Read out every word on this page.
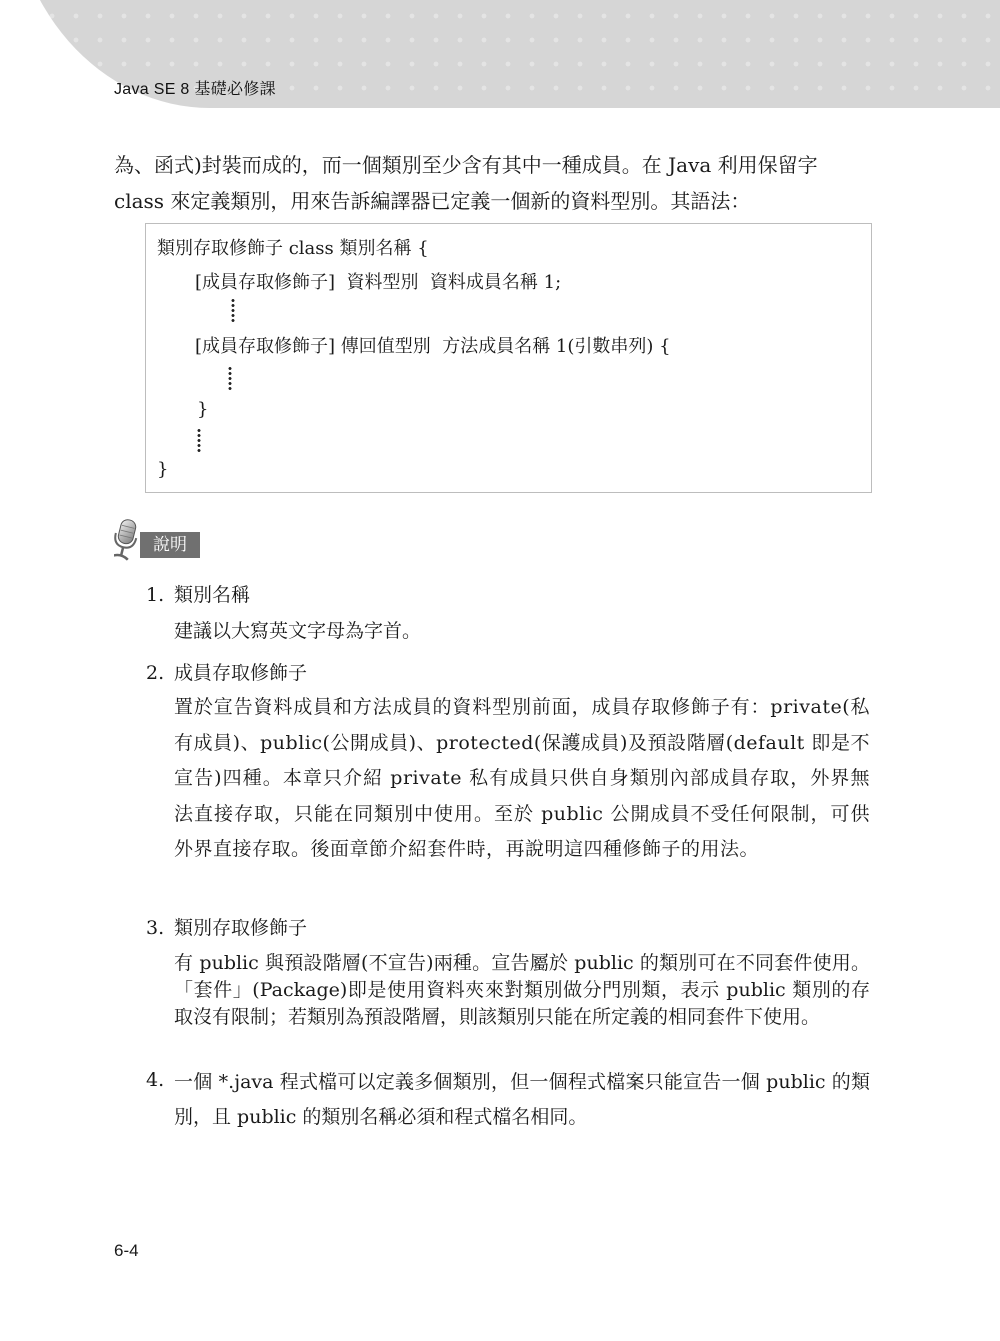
Java SE 8 基礎必修課

為、函式)封裝而成的，而一個類別至少含有其中一種成員。在 Java 利用保留字 class 來定義類別，用來告訴編譯器已定義一個新的資料型別。其語法：

類別存取修飾子 class 類別名稱 {
[成員存取修飾子]  資料型別  資料成員名稱 1;
[成員存取修飾子] 傳回值型別  方法成員名稱 1(引數串列) {
}
}
說明
1. 類別名稱

建議以大寫英文字母為字首。

2. 成員存取修飾子

置於宣告資料成員和方法成員的資料型別前面，成員存取修飾子有：private(私有成員)、public(公開成員)、protected(保護成員)及預設階層(default 即是不宣告)四種。本章只介紹 private 私有成員只供自身類別內部成員存取，外界無法直接存取，只能在同類別中使用。至於 public 公開成員不受任何限制，可供外界直接存取。後面章節介紹套件時，再說明這四種修飾子的用法。

3. 類別存取修飾子

有 public 與預設階層(不宣告)兩種。宣告屬於 public 的類別可在不同套件使用。「套件」(Package)即是使用資料夾來對類別做分門別類，表示 public 類別的存取沒有限制；若類別為預設階層，則該類別只能在所定義的相同套件下使用。

4. 一個 *.java 程式檔可以定義多個類別，但一個程式檔案只能宣告一個 public 的類別，且 public 的類別名稱必須和程式檔名相同。

6-4
